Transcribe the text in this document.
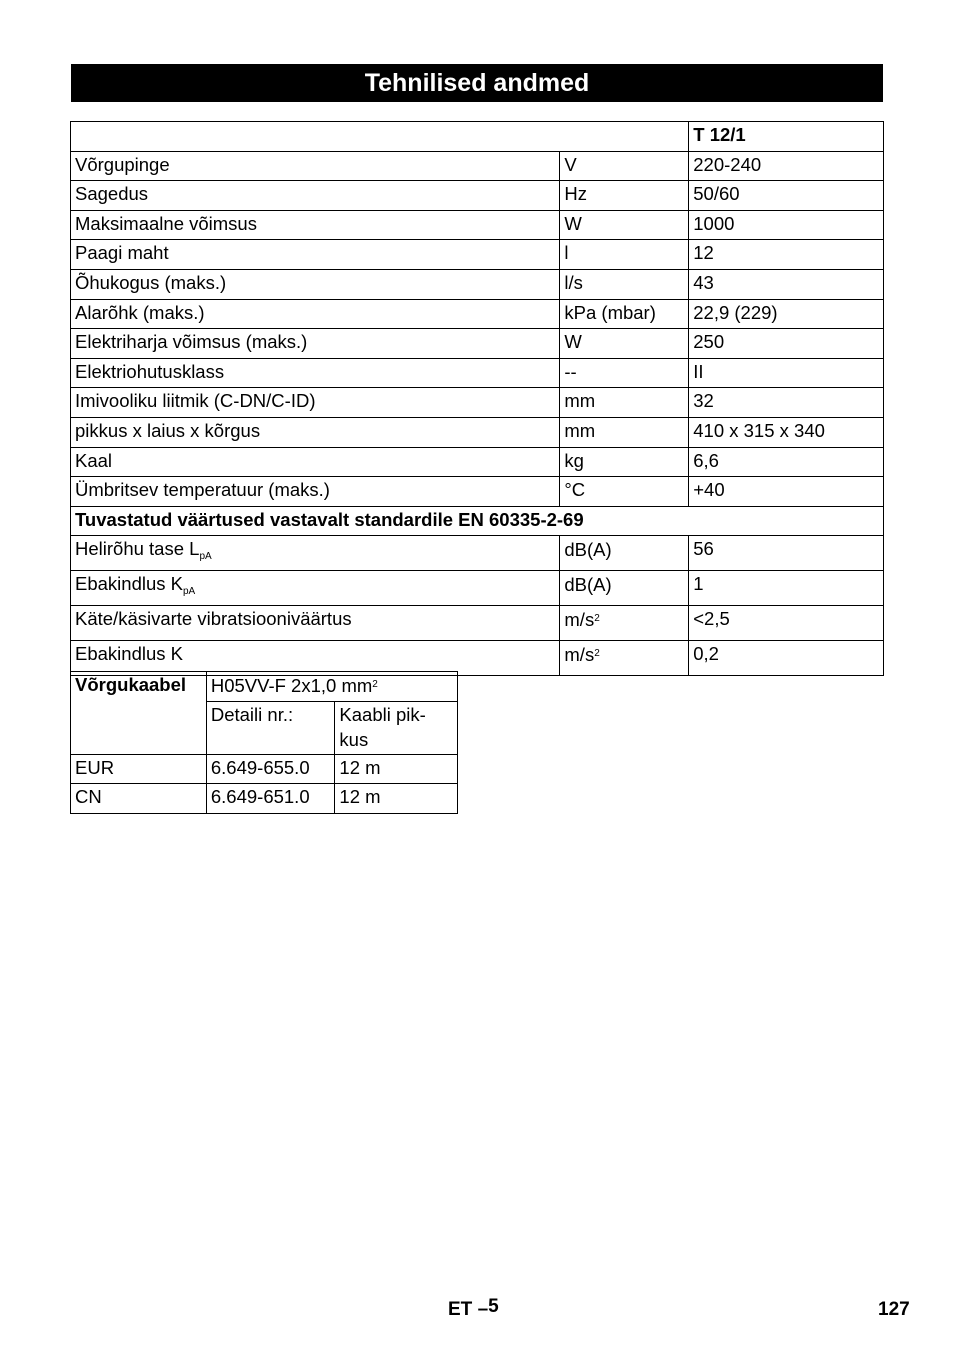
Tehnilised andmed
		T 12/1
Võrgupinge	V	220-240
Sagedus	Hz	50/60
Maksimaalne võimsus	W	1000
Paagi maht	l	12
Õhukogus (maks.)	l/s	43
Alarõhk (maks.)	kPa (mbar)	22,9 (229)
Elektriharja võimsus (maks.)	W	250
Elektriohutusklass	--	II
Imivooliku liitmik (C-DN/C-ID)	mm	32
pikkus x laius x kõrgus	mm	410 x 315 x 340
Kaal	kg	6,6
Ümbritsev temperatuur (maks.)	°C	+40
Tuvastatud väärtused vastavalt standardile EN 60335-2-69		
Helirõhu tase $L_{pA}$	dB(A)	56
Ebakindlus $K_{pA}$	dB(A)	1
Käte/käsivarte vibratsiooniväärtus	$m/s^2$	<2,5
Ebakindlus K	$m/s^2$	0,2
Võrgukaabel	H05VV-F 2x1,0 $mm^2$
	Detaili nr.:	Kaabli pik-
kus
EUR	6.649-655.0	12 m
CN	6.649-651.0	12 m
ET –5	127
